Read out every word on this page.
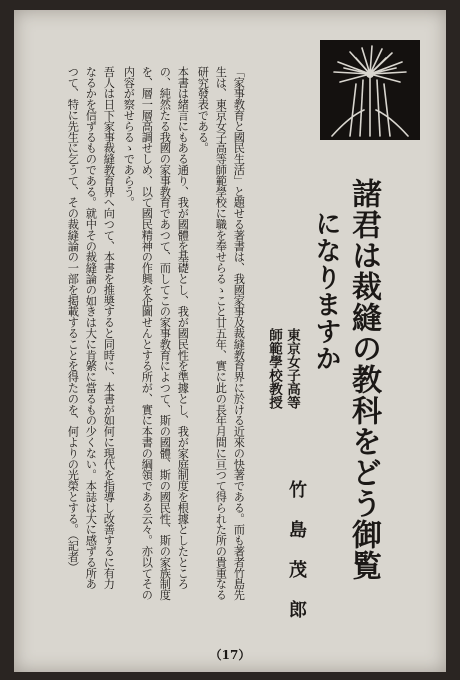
諸君は裁縫の教科をどう御覧
になりますか
東京女子高等
師範學校教授
竹島茂郎
「家事教育と國民生活」と題せる著書は、我國家事及裁縫教育界に於ける近來の快著である。而も著者竹島先
生は、東京女子高等師範學校に職を奉せらるゝこと廿五年、實に此の長年月間に亘つて得られた所の貴重なる
研究發表である。
本書は緒言にもある通り、我が國體を基礎とし、我が國民性を準據とし、我が家庭制度を根據としたところ
の、純然たる我國の家事教育であつて、而してこの家事教育によつて、斯の國體、斯の國民性、斯の家族制度
を、層一層高調せしめ、以て國民精神の作興を企圖せんとする所が、實に本書の綱領である云々。亦以てその
内容が察せらるゝであらう。
吾人は日下家事裁縫教育界へ向つて、本書を推奬すると同時に、本書が如何に現代を指導し改善するに有力
なるかを信ずるものである。就中その裁縫論の如きは大に肯綮に當るもの少くない。本誌は大に感ずる所あ
つて、特に先生に乞うて、その裁縫論の一部を掲載することを得たのを、何よりの光榮とする。（記者）
（17）
